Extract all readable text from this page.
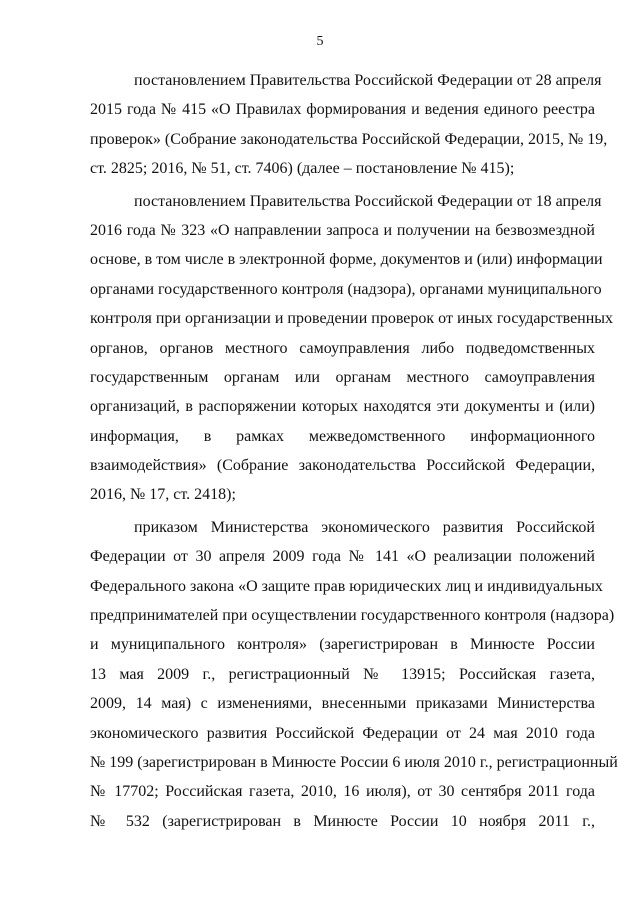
5
постановлением Правительства Российской Федерации от 28 апреля
2015 года № 415 «О Правилах формирования и ведения единого реестра
проверок» (Собрание законодательства Российской Федерации, 2015, № 19,
ст. 2825; 2016, № 51, ст. 7406) (далее – постановление № 415);
постановлением Правительства Российской Федерации от 18 апреля
2016 года № 323 «О направлении запроса и получении на безвозмездной
основе, в том числе в электронной форме, документов и (или) информации
органами государственного контроля (надзора), органами муниципального
контроля при организации и проведении проверок от иных государственных
органов, органов местного самоуправления либо подведомственных
государственным органам или органам местного самоуправления
организаций, в распоряжении которых находятся эти документы и (или)
информация, в рамках межведомственного информационного
взаимодействия» (Собрание законодательства Российской Федерации,
2016, № 17, ст. 2418);
приказом Министерства экономического развития Российской
Федерации от 30 апреля 2009 года № 141 «О реализации положений
Федерального закона «О защите прав юридических лиц и индивидуальных
предпринимателей при осуществлении государственного контроля (надзора)
и муниципального контроля» (зарегистрирован в Минюсте России
13 мая 2009 г., регистрационный № 13915; Российская газета,
2009, 14 мая) с изменениями, внесенными приказами Министерства
экономического развития Российской Федерации от 24 мая 2010 года
№ 199 (зарегистрирован в Минюсте России 6 июля 2010 г., регистрационный
№ 17702; Российская газета, 2010, 16 июля), от 30 сентября 2011 года
№ 532 (зарегистрирован в Минюсте России 10 ноября 2011 г.,
